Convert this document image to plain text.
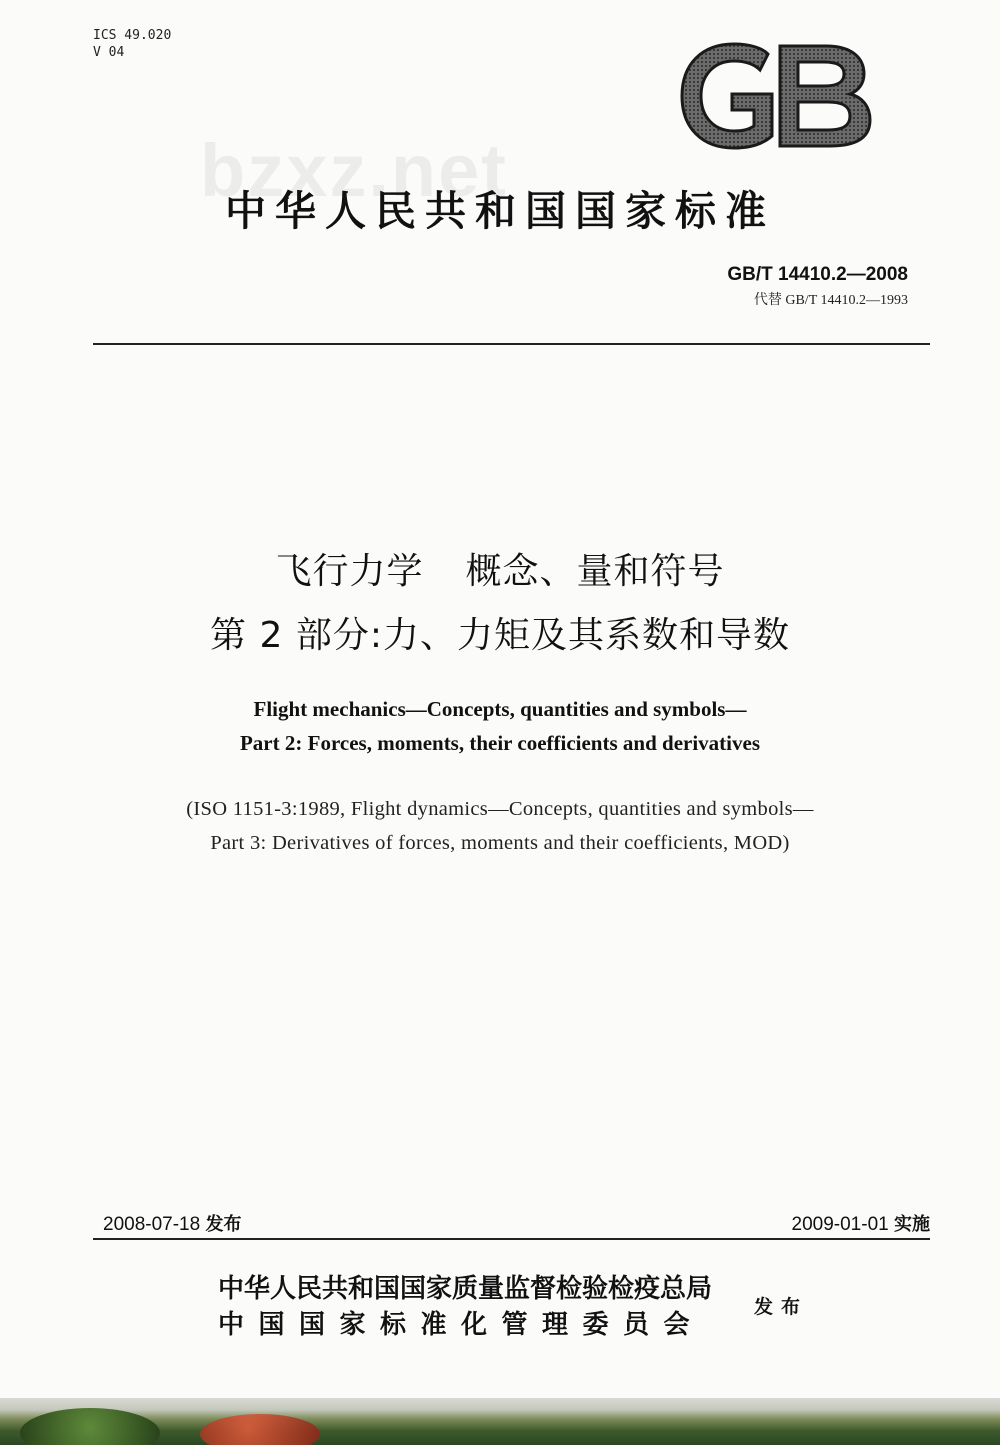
ICS 49.020
V 04
bzxz.net
中华人民共和国国家标准
GB/T 14410.2—2008
代替 GB/T 14410.2—1993
飞行力学 概念、量和符号
第 2 部分:力、力矩及其系数和导数
Flight mechanics—Concepts, quantities and symbols—
Part 2: Forces, moments, their coefficients and derivatives
(ISO 1151-3:1989, Flight dynamics—Concepts, quantities and symbols—
Part 3: Derivatives of forces, moments and their coefficients, MOD)
2008-07-18 发布	2009-01-01 实施
中华人民共和国国家质量监督检验检疫总局
中国国家标准化管理委员会
发布
